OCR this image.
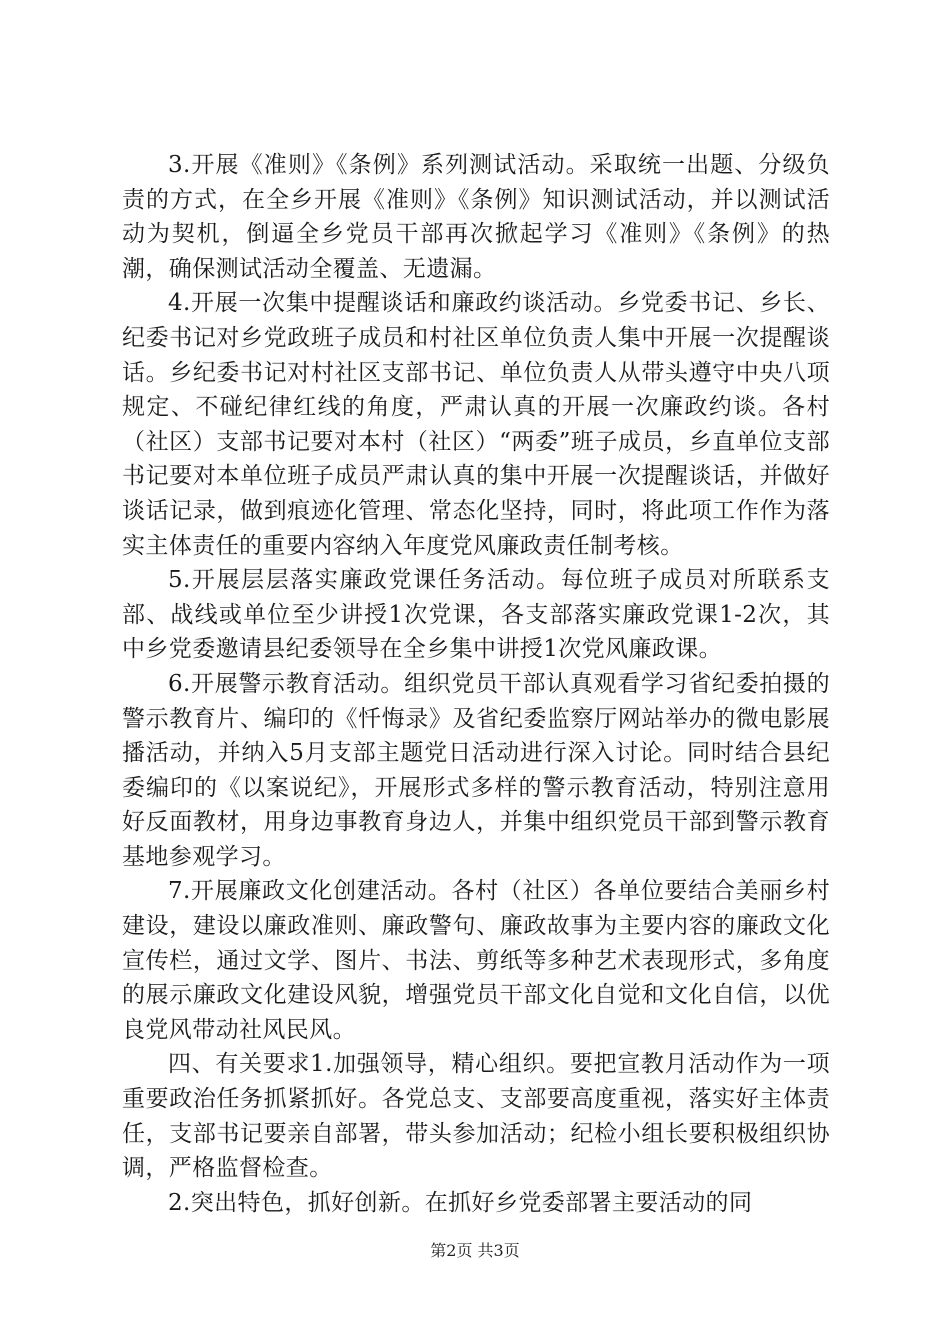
3.开展《准则》《条例》系列测试活动。采取统一出题、分级负责的方式，在全乡开展《准则》《条例》知识测试活动，并以测试活动为契机，倒逼全乡党员干部再次掀起学习《准则》《条例》的热潮，确保测试活动全覆盖、无遗漏。

4.开展一次集中提醒谈话和廉政约谈活动。乡党委书记、乡长、纪委书记对乡党政班子成员和村社区单位负责人集中开展一次提醒谈话。乡纪委书记对村社区支部书记、单位负责人从带头遵守中央八项规定、不碰纪律红线的角度，严肃认真的开展一次廉政约谈。各村（社区）支部书记要对本村（社区）“两委”班子成员，乡直单位支部书记要对本单位班子成员严肃认真的集中开展一次提醒谈话，并做好谈话记录，做到痕迹化管理、常态化坚持，同时，将此项工作作为落实主体责任的重要内容纳入年度党风廉政责任制考核。

5.开展层层落实廉政党课任务活动。每位班子成员对所联系支部、战线或单位至少讲授1次党课，各支部落实廉政党课1-2次，其中乡党委邀请县纪委领导在全乡集中讲授1次党风廉政课。

6.开展警示教育活动。组织党员干部认真观看学习省纪委拍摄的警示教育片、编印的《忏悔录》及省纪委监察厅网站举办的微电影展播活动，并纳入5月支部主题党日活动进行深入讨论。同时结合县纪委编印的《以案说纪》，开展形式多样的警示教育活动，特别注意用好反面教材，用身边事教育身边人，并集中组织党员干部到警示教育基地参观学习。

7.开展廉政文化创建活动。各村（社区）各单位要结合美丽乡村建设，建设以廉政准则、廉政警句、廉政故事为主要内容的廉政文化宣传栏，通过文学、图片、书法、剪纸等多种艺术表现形式，多角度的展示廉政文化建设风貌，增强党员干部文化自觉和文化自信，以优良党风带动社风民风。

四、有关要求1.加强领导，精心组织。要把宣教月活动作为一项重要政治任务抓紧抓好。各党总支、支部要高度重视，落实好主体责任，支部书记要亲自部署，带头参加活动；纪检小组长要积极组织协调，严格监督检查。

2.突出特色，抓好创新。在抓好乡党委部署主要活动的同

第2页 共3页
